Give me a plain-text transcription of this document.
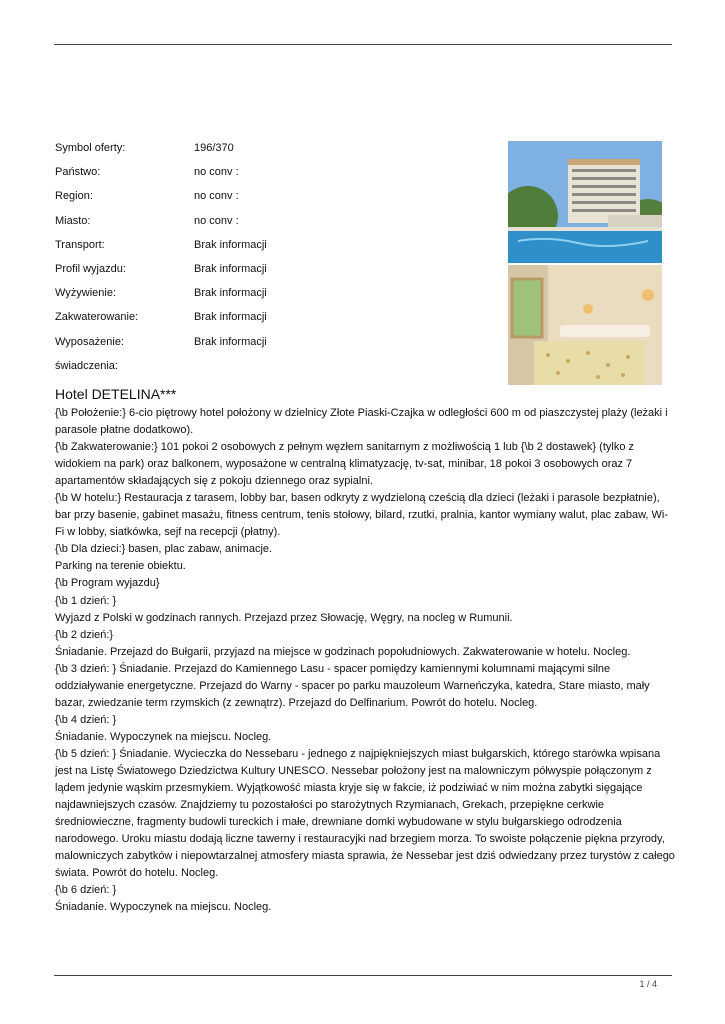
Symbol oferty:	196/370
Państwo:	no conv :
Region:	no conv :
Miasto:	no conv :
Transport:	Brak informacji
Profil wyjazdu:	Brak informacji
Wyżywienie:	Brak informacji
Zakwaterowanie:	Brak informacji
Wyposażenie:	Brak informacji
świadczenia:
Hotel DETELINA***

{\b Położenie:} 6-cio piętrowy hotel położony w dzielnicy Złote Piaski-Czajka w odległości 600 m od piaszczystej plaży (leżaki i parasole płatne dodatkowo).

{\b Zakwaterowanie:} 101 pokoi 2 osobowych z pełnym węzłem sanitarnym z możliwością 1 lub {\b 2 dostawek} (tylko z widokiem na park) oraz balkonem, wyposażone w centralną klimatyzację, tv-sat, minibar, 18 pokoi 3 osobowych oraz 7 apartamentów składających się z pokoju dziennego oraz sypialni.

{\b W hotelu:} Restauracja z tarasem, lobby bar, basen odkryty z wydzieloną cześcią dla dzieci (leżaki i parasole bezpłatnie), bar przy basenie, gabinet masażu, fitness centrum, tenis stołowy, bilard, rzutki, pralnia, kantor wymiany walut, plac zabaw, Wi-Fi w lobby, siatkówka, sejf na recepcji (płatny).

{\b Dla dzieci:} basen, plac zabaw, animacje.

Parking na terenie obiektu.

{\b Program wyjazdu}

{\b 1 dzień: }

Wyjazd z Polski w godzinach rannych. Przejazd przez Słowację, Węgry, na nocleg w Rumunii.

{\b 2 dzień:}

Śniadanie. Przejazd do Bułgarii, przyjazd na miejsce w godzinach popołudniowych. Zakwaterowanie w hotelu. Nocleg.

{\b 3 dzień: } Śniadanie. Przejazd do Kamiennego Lasu - spacer pomiędzy kamiennymi kolumnami mającymi silne oddziaływanie energetyczne. Przejazd do Warny - spacer po parku mauzoleum Warneńczyka, katedra, Stare miasto, mały bazar, zwiedzanie term rzymskich (z zewnątrz). Przejazd do Delfinarium. Powrót do hotelu. Nocleg.

{\b 4 dzień: }

Śniadanie. Wypoczynek na miejscu. Nocleg.

{\b 5 dzień: } Śniadanie. Wycieczka do Nessebaru - jednego z najpiękniejszych miast bułgarskich, którego starówka wpisana jest na Listę Światowego Dziedzictwa Kultury UNESCO. Nessebar położony jest na malowniczym półwyspie połączonym z lądem jedynie wąskim przesmykiem. Wyjątkowość miasta kryje się w fakcie, iż podziwiać w nim można zabytki sięgające najdawniejszych czasów. Znajdziemy tu pozostałości po starożytnych Rzymianach, Grekach, przepiękne cerkwie średniowieczne, fragmenty budowli tureckich i małe, drewniane domki wybudowane w stylu bułgarskiego odrodzenia narodowego. Uroku miastu dodają liczne tawerny i restauracyjki nad brzegiem morza. To swoiste połączenie piękna przyrody, malowniczych zabytków i niepowtarzalnej atmosfery miasta sprawia, że Nessebar jest dziś odwiedzany przez turystów z całego świata. Powrót do hotelu. Nocleg.

{\b 6 dzień: }

Śniadanie. Wypoczynek na miejscu. Nocleg.

1 / 4
